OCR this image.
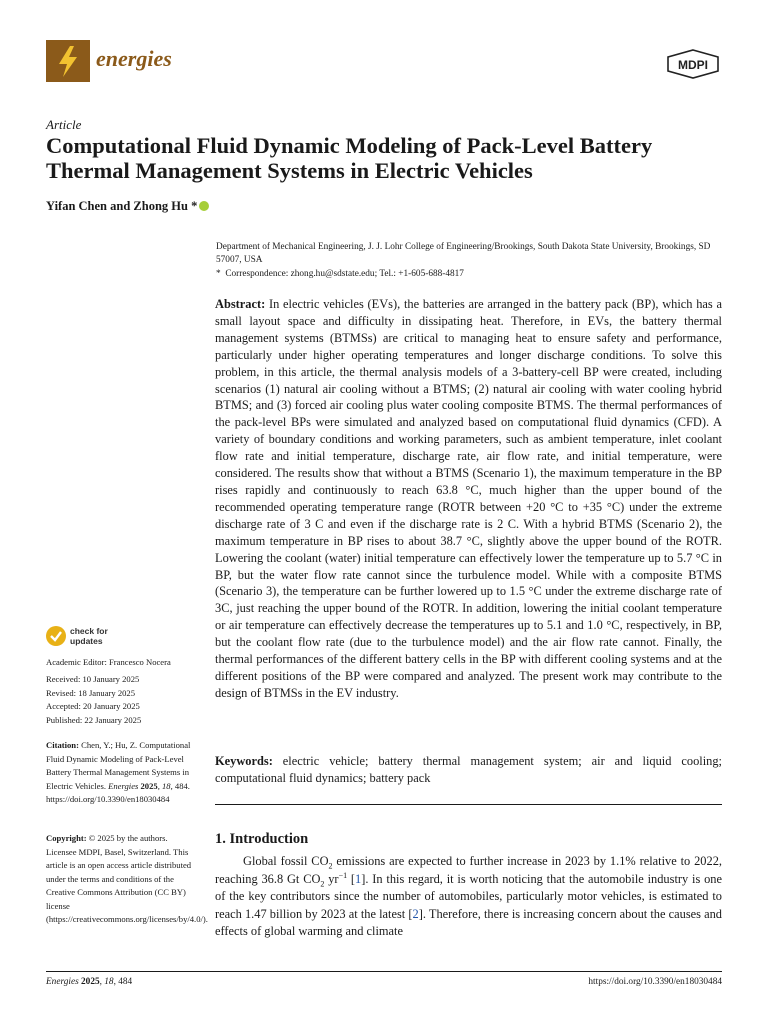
energies	MDPI
Article
Computational Fluid Dynamic Modeling of Pack-Level Battery Thermal Management Systems in Electric Vehicles
Yifan Chen and Zhong Hu *
Department of Mechanical Engineering, J. J. Lohr College of Engineering/Brookings, South Dakota State University, Brookings, SD 57007, USA
* Correspondence: zhong.hu@sdstate.edu; Tel.: +1-605-688-4817
Abstract: In electric vehicles (EVs), the batteries are arranged in the battery pack (BP), which has a small layout space and difficulty in dissipating heat. Therefore, in EVs, the battery thermal management systems (BTMSs) are critical to managing heat to ensure safety and performance, particularly under higher operating temperatures and longer discharge conditions. To solve this problem, in this article, the thermal analysis models of a 3-battery-cell BP were created, including scenarios (1) natural air cooling without a BTMS; (2) natural air cooling with water cooling hybrid BTMS; and (3) forced air cooling plus water cooling composite BTMS. The thermal performances of the pack-level BPs were simulated and analyzed based on computational fluid dynamics (CFD). A variety of boundary conditions and working parameters, such as ambient temperature, inlet coolant flow rate and initial temperature, discharge rate, air flow rate, and initial temperature, were considered. The results show that without a BTMS (Scenario 1), the maximum temperature in the BP rises rapidly and continuously to reach 63.8 °C, much higher than the upper bound of the recommended operating temperature range (ROTR between +20 °C to +35 °C) under the extreme discharge rate of 3 C and even if the discharge rate is 2 C. With a hybrid BTMS (Scenario 2), the maximum temperature in BP rises to about 38.7 °C, slightly above the upper bound of the ROTR. Lowering the coolant (water) initial temperature can effectively lower the temperature up to 5.7 °C in BP, but the water flow rate cannot since the turbulence model. While with a composite BTMS (Scenario 3), the temperature can be further lowered up to 1.5 °C under the extreme discharge rate of 3C, just reaching the upper bound of the ROTR. In addition, lowering the initial coolant temperature or air temperature can effectively decrease the temperatures up to 5.1 and 1.0 °C, respectively, in BP, but the coolant flow rate (due to the turbulence model) and the air flow rate cannot. Finally, the thermal performances of the different battery cells in the BP with different cooling systems and at the different positions of the BP were compared and analyzed. The present work may contribute to the design of BTMSs in the EV industry.
Keywords: electric vehicle; battery thermal management system; air and liquid cooling; computational fluid dynamics; battery pack
1. Introduction
Global fossil $CO_2$ emissions are expected to further increase in 2023 by 1.1% relative to 2022, reaching 36.8 Gt $CO_2$ $yr^{-1}$ [1]. In this regard, it is worth noticing that the automobile industry is one of the key contributors since the number of automobiles, particularly motor vehicles, is estimated to reach 1.47 billion by 2023 at the latest [2]. Therefore, there is increasing concern about the causes and effects of global warming and climate
check for
updates
Academic Editor: Francesco Nocera
Received: 10 January 2025
Revised: 18 January 2025
Accepted: 20 January 2025
Published: 22 January 2025
Citation: Chen, Y.; Hu, Z. Computational Fluid Dynamic Modeling of Pack-Level Battery Thermal Management Systems in Electric Vehicles. Energies 2025, 18, 484. https://doi.org/10.3390/en18030484
Copyright: © 2025 by the authors. Licensee MDPI, Basel, Switzerland. This article is an open access article distributed under the terms and conditions of the Creative Commons Attribution (CC BY) license (https://creativecommons.org/licenses/by/4.0/).
Energies 2025, 18, 484	https://doi.org/10.3390/en18030484
